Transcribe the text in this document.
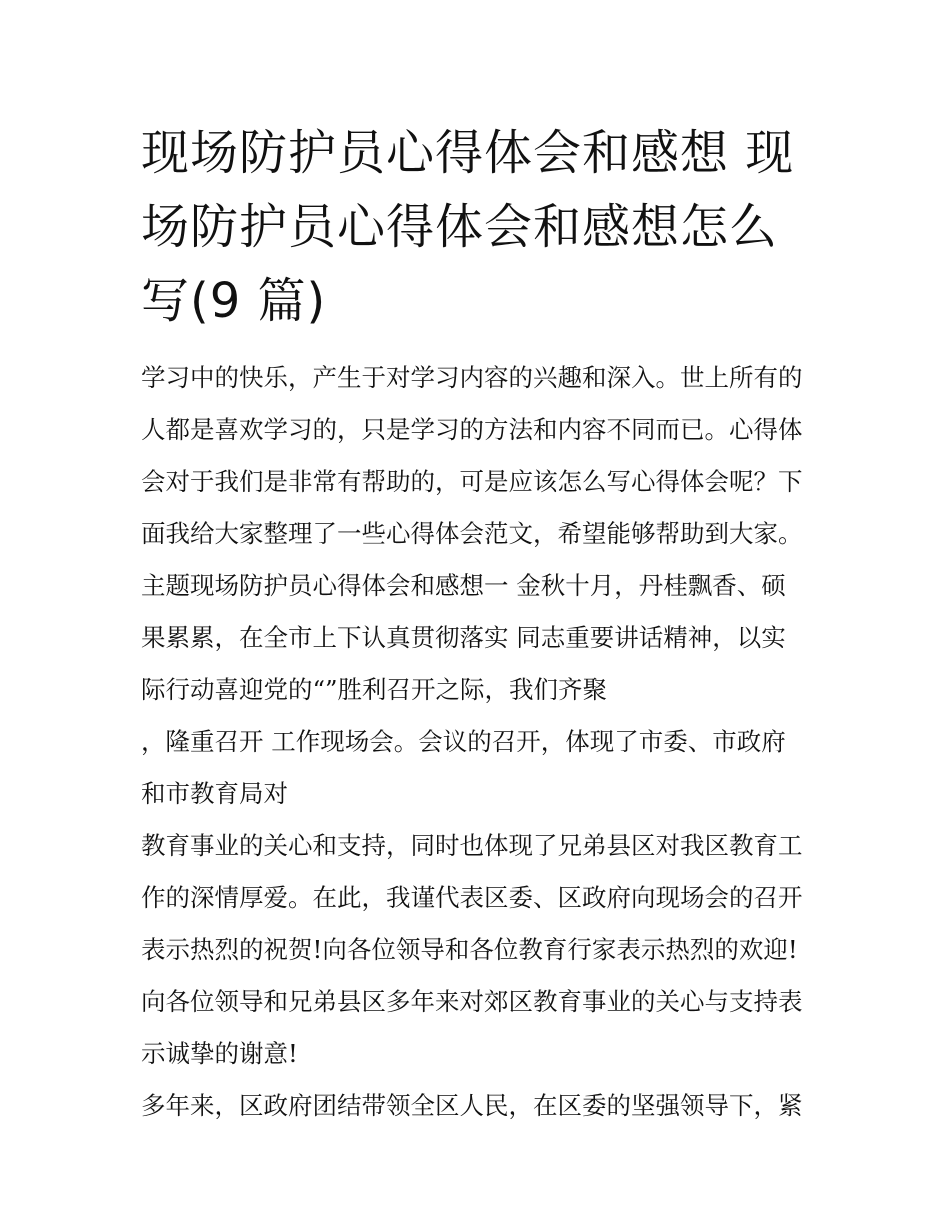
现场防护员心得体会和感想 现
场防护员心得体会和感想怎么
写(9 篇)
学习中的快乐，产生于对学习内容的兴趣和深入。世上所有的
人都是喜欢学习的，只是学习的方法和内容不同而已。心得体
会对于我们是非常有帮助的，可是应该怎么写心得体会呢？下
面我给大家整理了一些心得体会范文，希望能够帮助到大家。
主题现场防护员心得体会和感想一 金秋十月，丹桂飘香、硕
果累累，在全市上下认真贯彻落实 同志重要讲话精神，以实
际行动喜迎党的“”胜利召开之际，我们齐聚
，隆重召开 工作现场会。会议的召开，体现了市委、市政府
和市教育局对
教育事业的关心和支持，同时也体现了兄弟县区对我区教育工
作的深情厚爱。在此，我谨代表区委、区政府向现场会的召开
表示热烈的祝贺!向各位领导和各位教育行家表示热烈的欢迎!
向各位领导和兄弟县区多年来对郊区教育事业的关心与支持表
示诚挚的谢意!
多年来，区政府团结带领全区人民，在区委的坚强领导下，紧
